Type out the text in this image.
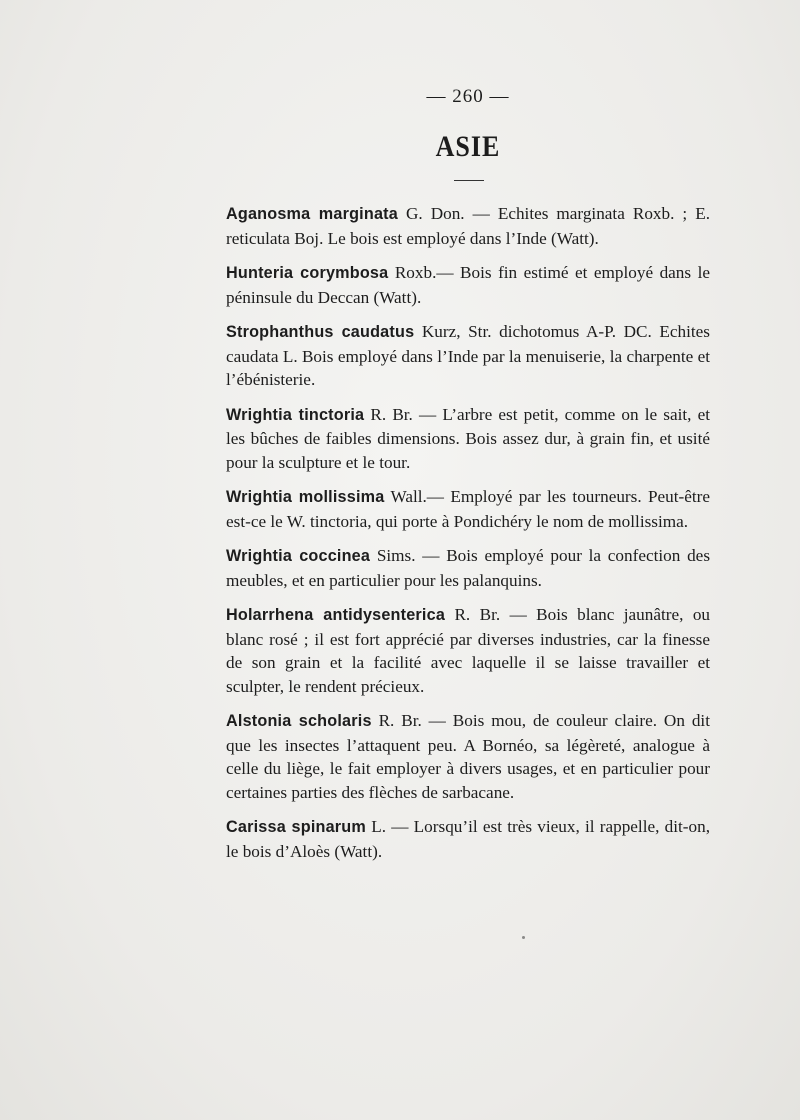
— 260 —
ASIE

Aganosma marginata G. Don. — Echites marginata Roxb. ; E. reticulata Boj. Le bois est employé dans l’Inde (Watt).

Hunteria corymbosa Roxb.— Bois fin estimé et employé dans le péninsule du Deccan (Watt).

Strophanthus caudatus Kurz, Str. dichotomus A-P. DC. Echites caudata L. Bois employé dans l’Inde par la menuiserie, la charpente et l’ébénisterie.

Wrightia tinctoria R. Br. — L’arbre est petit, comme on le sait, et les bûches de faibles dimensions. Bois assez dur, à grain fin, et usité pour la sculpture et le tour.

Wrightia mollissima Wall.— Employé par les tourneurs. Peut-être est-ce le W. tinctoria, qui porte à Pondichéry le nom de mollissima.

Wrightia coccinea Sims. — Bois employé pour la confection des meubles, et en particulier pour les palanquins.

Holarrhena antidysenterica R. Br. — Bois blanc jaunâtre, ou blanc rosé ; il est fort apprécié par diverses industries, car la finesse de son grain et la facilité avec laquelle il se laisse travailler et sculpter, le rendent précieux.

Alstonia scholaris R. Br. — Bois mou, de couleur claire. On dit que les insectes l’attaquent peu. A Bornéo, sa légèreté, analogue à celle du liège, le fait employer à divers usages, et en particulier pour certaines parties des flèches de sarbacane.

Carissa spinarum L. — Lorsqu’il est très vieux, il rappelle, dit-on, le bois d’Aloès (Watt).
